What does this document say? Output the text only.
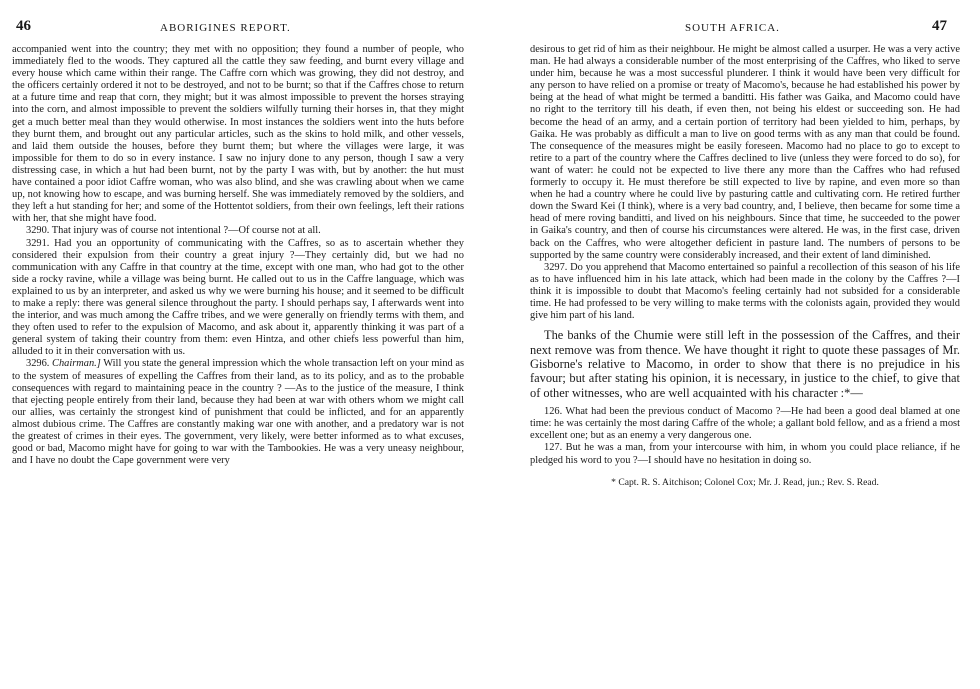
46	ABORIGINES REPORT.

accompanied went into the country; they met with no opposition; they found a number of people, who immediately fled to the woods. They captured all the cattle they saw feeding, and burnt every village and every house which came within their range. The Caffre corn which was growing, they did not destroy, and the officers certainly ordered it not to be destroyed, and not to be burnt; so that if the Caffres chose to return at a future time and reap that corn, they might; but it was almost impossible to prevent the horses straying into the corn, and almost impossible to prevent the soldiers wilfully turning their horses in, that they might get a much better meal than they would otherwise. In most instances the soldiers went into the huts before they burnt them, and brought out any particular articles, such as the skins to hold milk, and other vessels, and laid them outside the houses, before they burnt them; but where the villages were large, it was impossible for them to do so in every instance. I saw no injury done to any person, though I saw a very distressing case, in which a hut had been burnt, not by the party I was with, but by another: the hut must have contained a poor idiot Caffre woman, who was also blind, and she was crawling about when we came up, not knowing how to escape, and was burning herself. She was immediately removed by the soldiers, and they left a hut standing for her; and some of the Hottentot soldiers, from their own feelings, left their rations with her, that she might have food.

3290. That injury was of course not intentional ?—Of course not at all.

3291. Had you an opportunity of communicating with the Caffres, so as to ascertain whether they considered their expulsion from their country a great injury ?—They certainly did, but we had no communication with any Caffre in that country at the time, except with one man, who had got to the other side a rocky ravine, while a village was being burnt. He called out to us in the Caffre language, which was explained to us by an interpreter, and asked us why we were burning his house; and it seemed to be difficult to make a reply: there was general silence throughout the party. I should perhaps say, I afterwards went into the interior, and was much among the Caffre tribes, and we were generally on friendly terms with them, and they often used to refer to the expulsion of Macomo, and ask about it, apparently thinking it was part of a general system of taking their country from them: even Hintza, and other chiefs less powerful than him, alluded to it in their conversation with us.

3296. Chairman.] Will you state the general impression which the whole transaction left on your mind as to the system of measures of expelling the Caffres from their land, as to its policy, and as to the probable consequences with regard to maintaining peace in the country ? —As to the justice of the measure, I think that ejecting people entirely from their land, because they had been at war with others whom we might call our allies, was certainly the strongest kind of punishment that could be inflicted, and for an apparently almost dubious crime. The Caffres are constantly making war one with another, and a predatory war is not the greatest of crimes in their eyes. The government, very likely, were better informed as to what excuses, good or bad, Macomo might have for going to war with the Tambookies. He was a very uneasy neighbour, and I have no doubt the Cape government were very

SOUTH AFRICA.	47

desirous to get rid of him as their neighbour. He might be almost called a usurper. He was a very active man. He had always a considerable number of the most enterprising of the Caffres, who liked to serve under him, because he was a most successful plunderer. I think it would have been very difficult for any person to have relied on a promise or treaty of Macomo's, because he had established his power by being at the head of what might be termed a banditti. His father was Gaika, and Macomo could have no right to the territory till his death, if even then, not being his eldest or succeeding son. He had become the head of an army, and a certain portion of territory had been yielded to him, perhaps, by Gaika. He was probably as difficult a man to live on good terms with as any man that could be found. The consequence of the measures might be easily foreseen. Macomo had no place to go to except to retire to a part of the country where the Caffres declined to live (unless they were forced to do so), for want of water: he could not be expected to live there any more than the Caffres who had refused formerly to occupy it. He must therefore be still expected to live by rapine, and even more so than when he had a country where he could live by pasturing cattle and cultivating corn. He retired further down the Sward Kei (I think), where is a very bad country, and, I believe, then became for some time a head of mere roving banditti, and lived on his neighbours. Since that time, he succeeded to the power in Gaika's country, and then of course his circumstances were altered. He was, in the first case, driven back on the Caffres, who were altogether deficient in pasture land. The numbers of persons to be supported by the same country were considerably increased, and their extent of land diminished.

3297. Do you apprehend that Macomo entertained so painful a recollection of this season of his life as to have influenced him in his late attack, which had been made in the colony by the Caffres ?—I think it is impossible to doubt that Macomo's feeling certainly had not subsided for a considerable time. He had professed to be very willing to make terms with the colonists again, provided they would give him part of his land.

The banks of the Chumie were still left in the possession of the Caffres, and their next remove was from thence. We have thought it right to quote these passages of Mr. Gisborne's relative to Macomo, in order to show that there is no prejudice in his favour; but after stating his opinion, it is necessary, in justice to the chief, to give that of other witnesses, who are well acquainted with his character :*—

126. What had been the previous conduct of Macomo ?—He had been a good deal blamed at one time: he was certainly the most daring Caffre of the whole; a gallant bold fellow, and as a friend a most excellent one; but as an enemy a very dangerous one.

127. But he was a man, from your intercourse with him, in whom you could place reliance, if he pledged his word to you ?—I should have no hesitation in doing so.

* Capt. R. S. Aitchison; Colonel Cox; Mr. J. Read, jun.; Rev. S. Read.
